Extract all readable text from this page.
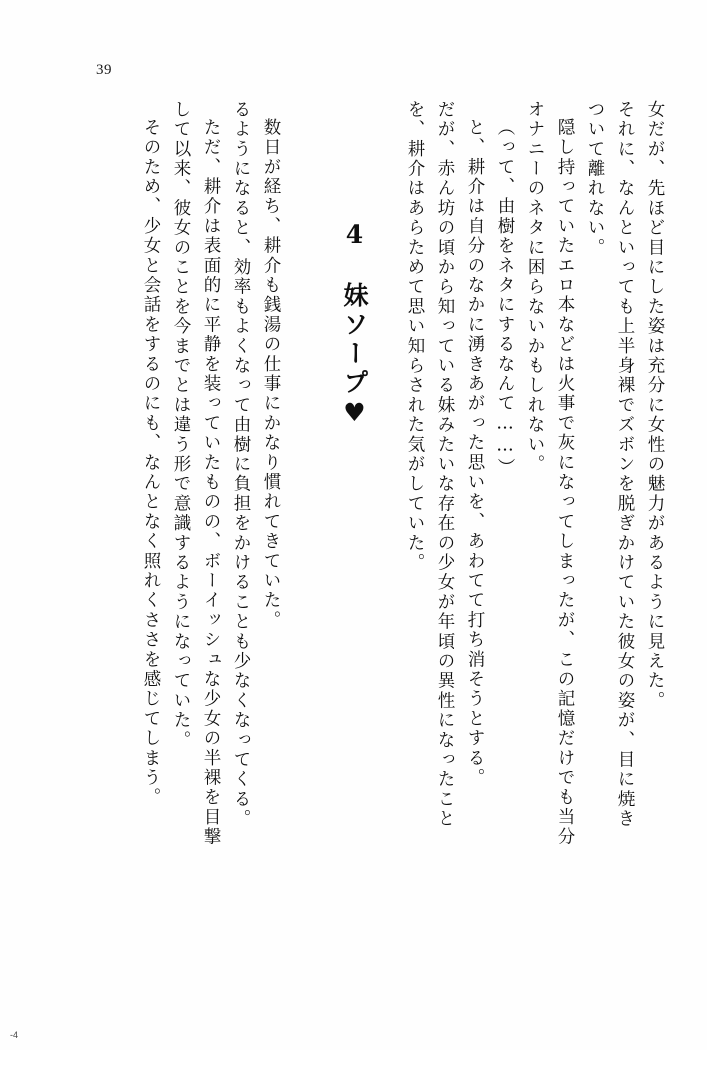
39
女だが、先ほど目にした姿は充分に女性の魅力があるように見えた。
それに、なんといっても上半身裸でズボンを脱ぎかけていた彼女の姿が、目に焼き
ついて離れない。
隠し持っていたエロ本などは火事で灰になってしまったが、この記憶だけでも当分
オナニーのネタに困らないかもしれない。
（って、由樹をネタにするなんて……）
と、耕介は自分のなかに湧きあがった思いを、あわてて打ち消そうとする。
だが、赤ん坊の頃から知っている妹みたいな存在の少女が年頃の異性になったこと
を、耕介はあらためて思い知らされた気がしていた。
4　妹ソープ♥
数日が経ち、耕介も銭湯の仕事にかなり慣れてきていた。
るようになると、効率もよくなって由樹に負担をかけることも少なくなってくる。
ただ、耕介は表面的に平静を装っていたものの、ボーイッシュな少女の半裸を目撃
して以来、彼女のことを今までとは違う形で意識するようになっていた。
そのため、少女と会話をするのにも、なんとなく照れくささを感じてしまう。
-4
